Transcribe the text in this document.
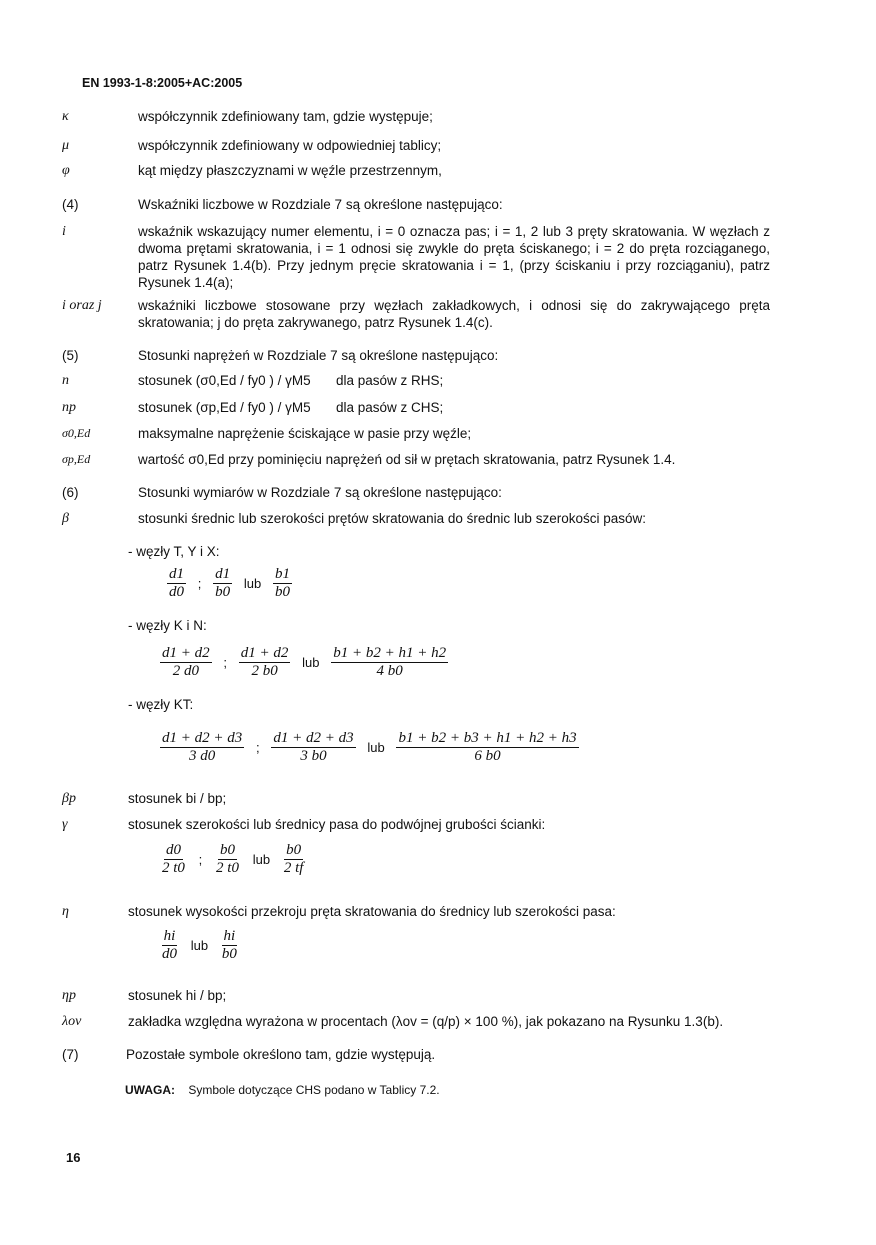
EN 1993-1-8:2005+AC:2005
κ	współczynnik zdefiniowany tam, gdzie występuje;
μ	współczynnik zdefiniowany w odpowiedniej tablicy;
φ	kąt między płaszczyznami w węźle przestrzennym,
(4)	Wskaźniki liczbowe w Rozdziale 7 są określone następująco:
i	wskaźnik wskazujący numer elementu, i = 0 oznacza pas; i = 1, 2 lub 3 pręty skratowania. W węzłach z dwoma prętami skratowania, i = 1 odnosi się zwykle do pręta ściskanego; i = 2 do pręta rozciąganego, patrz Rysunek 1.4(b). Przy jednym pręcie skratowania i = 1, (przy ściskaniu i przy rozciąganiu), patrz Rysunek 1.4(a);
i oraz j	wskaźniki liczbowe stosowane przy węzłach zakładkowych, i odnosi się do zakrywającego pręta skratowania; j do pręta zakrywanego, patrz Rysunek 1.4(c).
(5)	Stosunki naprężeń w Rozdziale 7 są określone następująco:
n	stosunek (σ0,Ed / fy0 ) / γM5	dla pasów z RHS;
np	stosunek (σp,Ed / fy0 ) / γM5	dla pasów z CHS;
σ0,Ed	maksymalne naprężenie ściskające w pasie przy węźle;
σp,Ed	wartość σ0,Ed przy pominięciu naprężeń od sił w prętach skratowania, patrz Rysunek 1.4.
(6)	Stosunki wymiarów w Rozdziale 7 są określone następująco:
β	stosunki średnic lub szerokości prętów skratowania do średnic lub szerokości pasów:
- węzły T, Y i X:
$\frac{d1}{d0}$ ; $\frac{d1}{b0}$ lub $\frac{b1}{b0}$
- węzły K i N:
$\frac{d1 + d2}{2 d0}$ ; $\frac{d1 + d2}{2 b0}$ lub $\frac{b1 + b2 + h1 + h2}{4 b0}$
- węzły KT:
$\frac{d1 + d2 + d3}{3 d0}$ ; $\frac{d1 + d2 + d3}{3 b0}$ lub $\frac{b1 + b2 + b3 + h1 + h2 + h3}{6 b0}$
βp	stosunek bi / bp;
γ	stosunek szerokości lub średnicy pasa do podwójnej grubości ścianki:
$\frac{d0}{2 t0}$ ; $\frac{b0}{2 t0}$ lub $\frac{b0}{2 tf}$
η	stosunek wysokości przekroju pręta skratowania do średnicy lub szerokości pasa:
$\frac{hi}{d0}$ lub $\frac{hi}{b0}$
ηp	stosunek hi / bp;
λov	zakładka względna wyrażona w procentach (λov = (q/p) × 100 %), jak pokazano na Rysunku 1.3(b).
(7)	Pozostałe symbole określono tam, gdzie występują.
UWAGA: Symbole dotyczące CHS podano w Tablicy 7.2.
16
